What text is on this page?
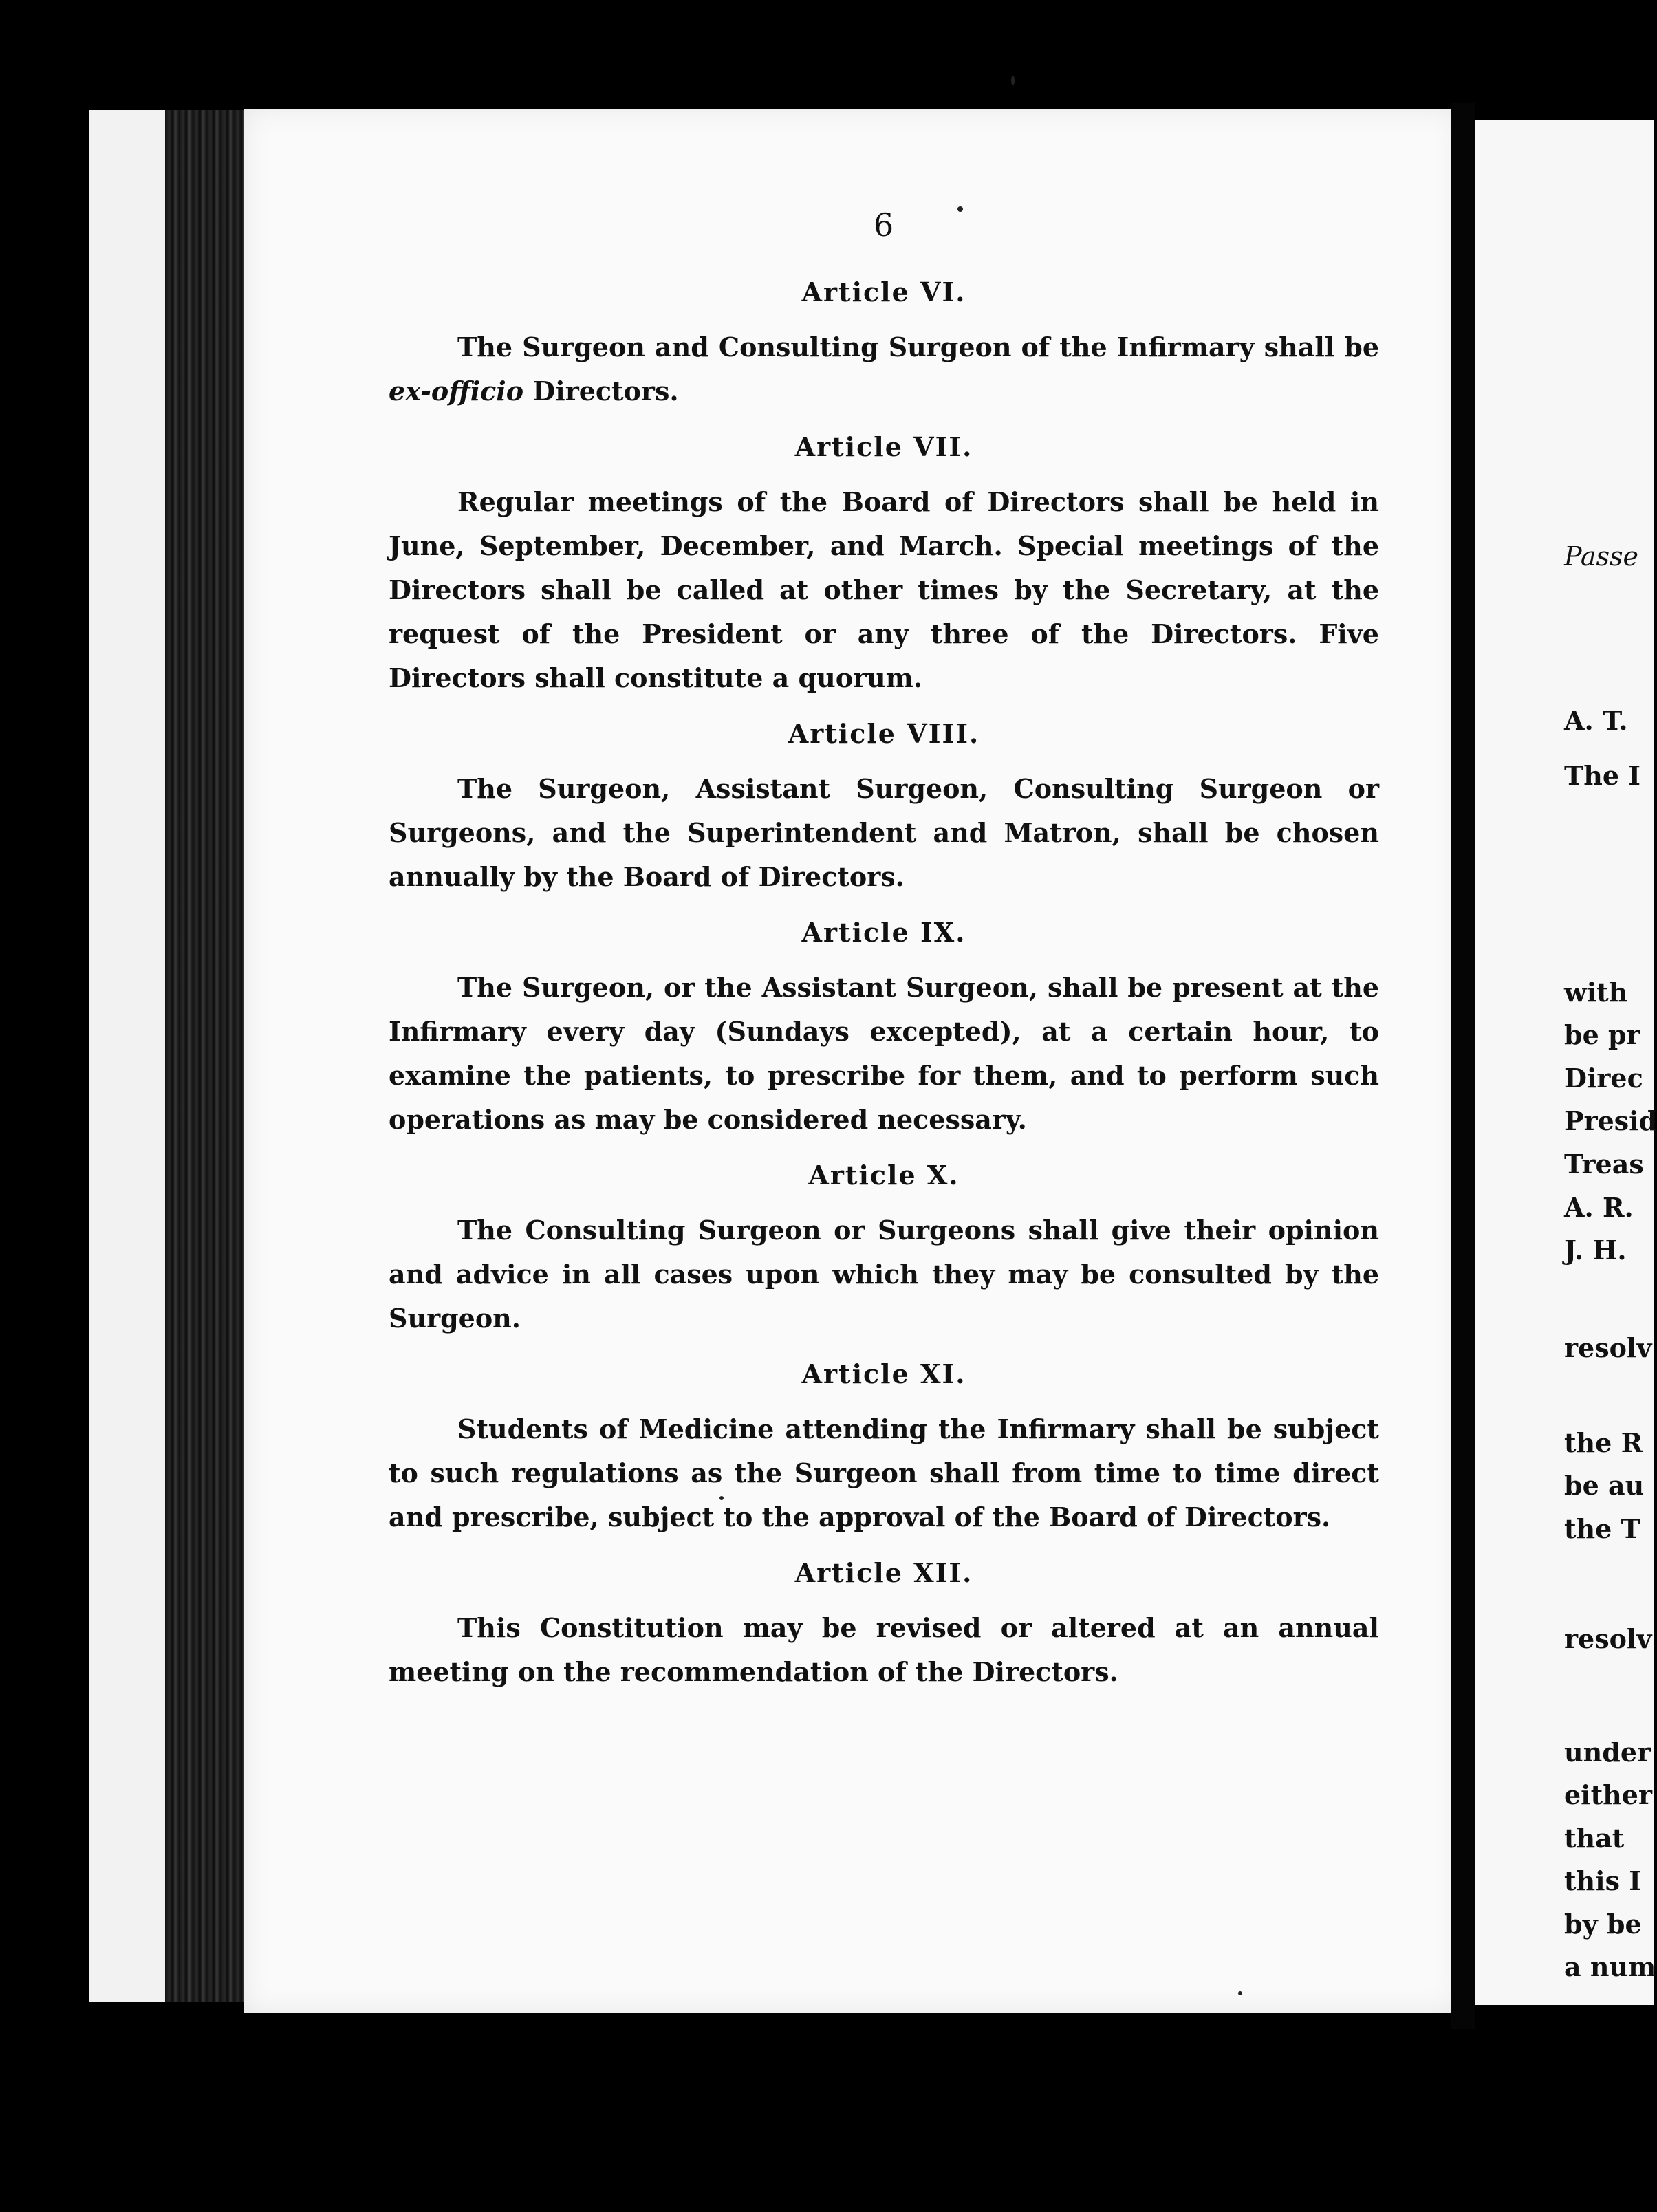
6
Article VI.

The Surgeon and Consulting Surgeon of the Infirmary shall be ex-officio Directors.

Article VII.

Regular meetings of the Board of Directors shall be held in June, September, December, and March. Special meetings of the Directors shall be called at other times by the Secretary, at the request of the President or any three of the Directors. Five Directors shall constitute a quorum.

Article VIII.

The Surgeon, Assistant Surgeon, Consulting Surgeon or Surgeons, and the Superintendent and Matron, shall be chosen annually by the Board of Directors.

Article IX.

The Surgeon, or the Assistant Surgeon, shall be present at the Infirmary every day (Sundays excepted), at a certain hour, to examine the patients, to prescribe for them, and to perform such operations as may be considered necessary.

Article X.

The Consulting Surgeon or Surgeons shall give their opinion and advice in all cases upon which they may be consulted by the Surgeon.

Article XI.

Students of Medicine attending the Infirmary shall be subject to such regulations as the Surgeon shall from time to time direct and prescribe, subject to the approval of the Board of Directors.

Article XII.

This Constitution may be revised or altered at an annual meeting on the recommendation of the Directors.

Passe
A. T.
The I
with
be pr
Direc
Presid
Treas
A. R.
J. H.
resolv
the R
be au
the T
resolv
under
either
that
this I
by be
a num
